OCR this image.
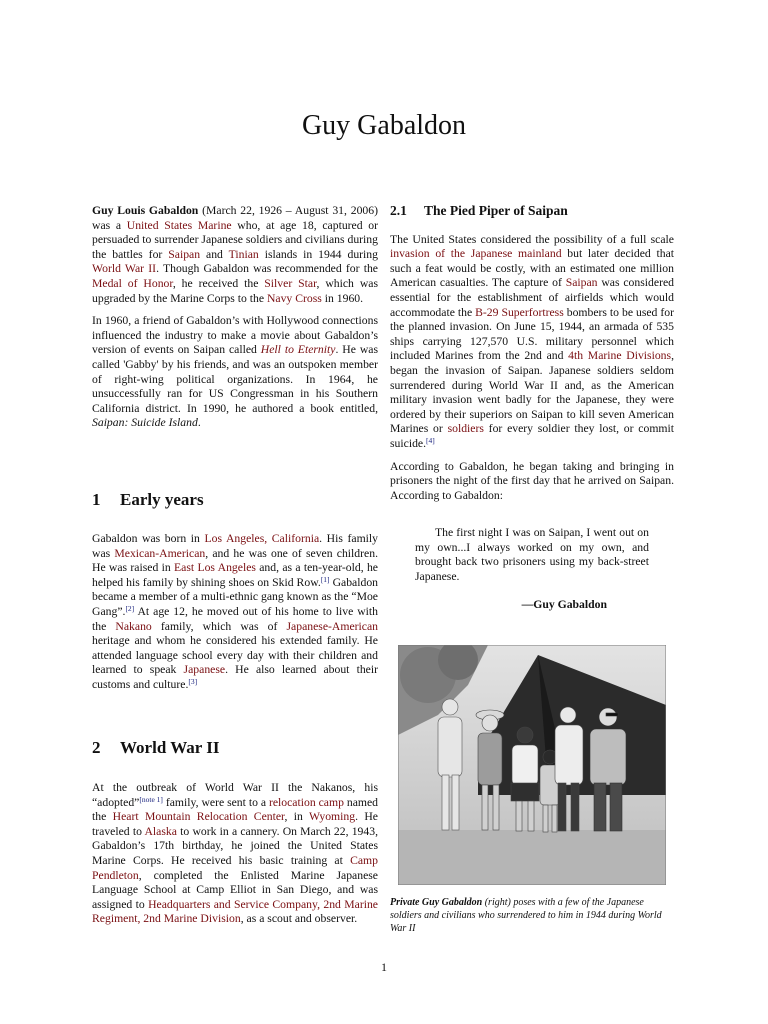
Guy Gabaldon

Guy Louis Gabaldon (March 22, 1926 – August 31, 2006) was a United States Marine who, at age 18, captured or persuaded to surrender Japanese soldiers and civilians during the battles for Saipan and Tinian islands in 1944 during World War II. Though Gabaldon was recommended for the Medal of Honor, he received the Silver Star, which was upgraded by the Marine Corps to the Navy Cross in 1960.

In 1960, a friend of Gabaldon’s with Hollywood connections influenced the industry to make a movie about Gabaldon’s version of events on Saipan called Hell to Eternity. He was called 'Gabby' by his friends, and was an outspoken member of right-wing political organizations. In 1964, he unsuccessfully ran for US Congressman in his Southern California district. In 1990, he authored a book entitled, Saipan: Suicide Island.

1 Early years

Gabaldon was born in Los Angeles, California. His family was Mexican-American, and he was one of seven children. He was raised in East Los Angeles and, as a ten-year-old, he helped his family by shining shoes on Skid Row.[1] Gabaldon became a member of a multi-ethnic gang known as the “Moe Gang”.[2] At age 12, he moved out of his home to live with the Nakano family, which was of Japanese-American heritage and whom he considered his extended family. He attended language school every day with their children and learned to speak Japanese. He also learned about their customs and culture.[3]

2 World War II

At the outbreak of World War II the Nakanos, his “adopted”[note 1] family, were sent to a relocation camp named the Heart Mountain Relocation Center, in Wyoming. He traveled to Alaska to work in a cannery. On March 22, 1943, Gabaldon’s 17th birthday, he joined the United States Marine Corps. He received his basic training at Camp Pendleton, completed the Enlisted Marine Japanese Language School at Camp Elliot in San Diego, and was assigned to Headquarters and Service Company, 2nd Marine Regiment, 2nd Marine Division, as a scout and observer.

2.1 The Pied Piper of Saipan

The United States considered the possibility of a full scale invasion of the Japanese mainland but later decided that such a feat would be costly, with an estimated one million American casualties. The capture of Saipan was considered essential for the establishment of airfields which would accommodate the B-29 Superfortress bombers to be used for the planned invasion. On June 15, 1944, an armada of 535 ships carrying 127,570 U.S. military personnel which included Marines from the 2nd and 4th Marine Divisions, began the invasion of Saipan. Japanese soldiers seldom surrendered during World War II and, as the American military invasion went badly for the Japanese, they were ordered by their superiors on Saipan to kill seven American Marines or soldiers for every soldier they lost, or commit suicide.[4]

According to Gabaldon, he began taking and bringing in prisoners the night of the first day that he arrived on Saipan. According to Gabaldon:

The first night I was on Saipan, I went out on my own...I always worked on my own, and brought back two prisoners using my back-street Japanese.

—Guy Gabaldon
Private Guy Gabaldon (right) poses with a few of the Japanese soldiers and civilians who surrendered to him in 1944 during World War II
1
